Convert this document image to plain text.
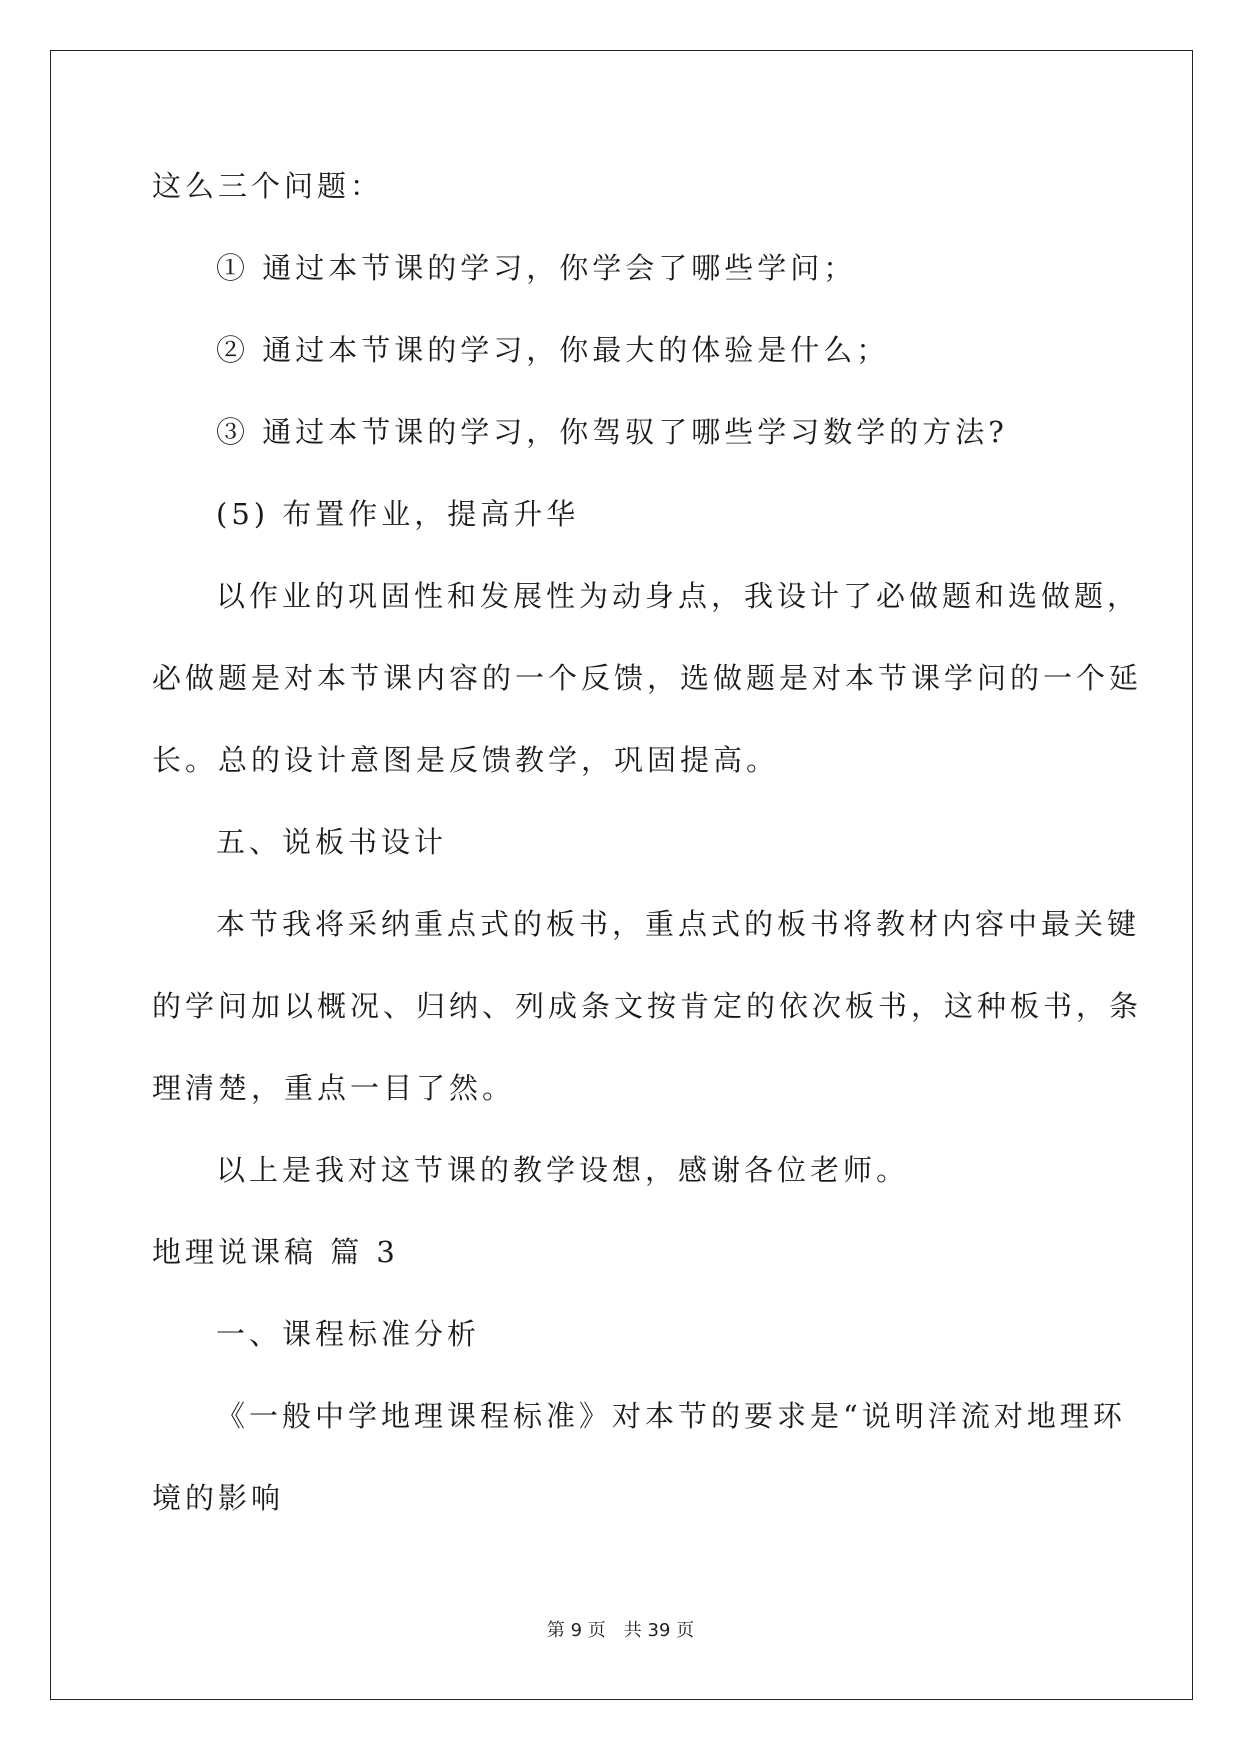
这么三个问题：
① 通过本节课的学习，你学会了哪些学问；
② 通过本节课的学习，你最大的体验是什么；
③ 通过本节课的学习，你驾驭了哪些学习数学的方法?
(5) 布置作业，提高升华
以作业的巩固性和发展性为动身点，我设计了必做题和选做题，
必做题是对本节课内容的一个反馈，选做题是对本节课学问的一个延
长。总的设计意图是反馈教学，巩固提高。
五、说板书设计
本节我将采纳重点式的板书，重点式的板书将教材内容中最关键
的学问加以概况、归纳、列成条文按肯定的依次板书，这种板书，条
理清楚，重点一目了然。
以上是我对这节课的教学设想，感谢各位老师。
地理说课稿 篇 3
一、课程标准分析
《一般中学地理课程标准》对本节的要求是“说明洋流对地理环
境的影响
第 9 页　共 39 页
